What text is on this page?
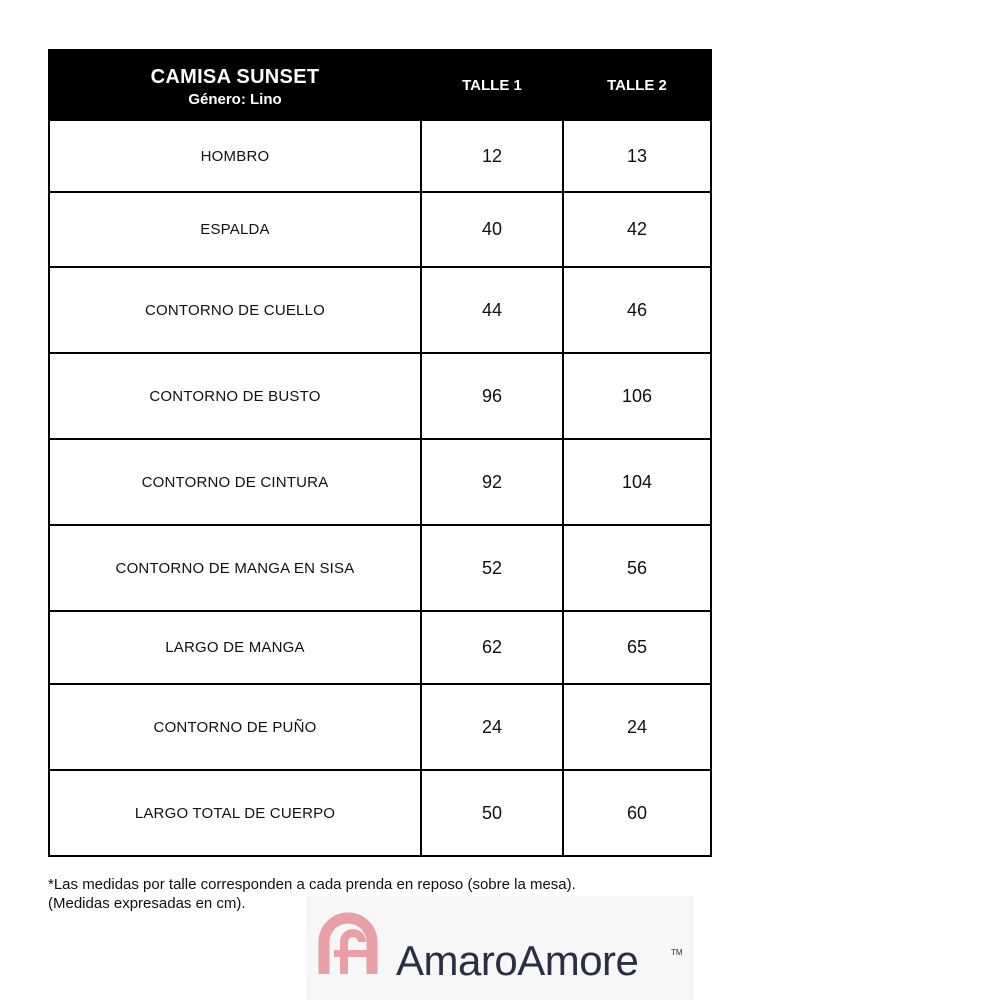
CAMISA SUNSET
Género: Lino	TALLE 1	TALLE 2
HOMBRO	12	13
ESPALDA	40	42
CONTORNO DE CUELLO	44	46
CONTORNO DE BUSTO	96	106
CONTORNO DE CINTURA	92	104
CONTORNO DE MANGA EN SISA	52	56
LARGO DE MANGA	62	65
CONTORNO DE PUÑO	24	24
LARGO TOTAL DE CUERPO	50	60
*Las medidas por talle corresponden a cada prenda en reposo (sobre la mesa).
(Medidas expresadas en cm).
AmaroAmore	TM
